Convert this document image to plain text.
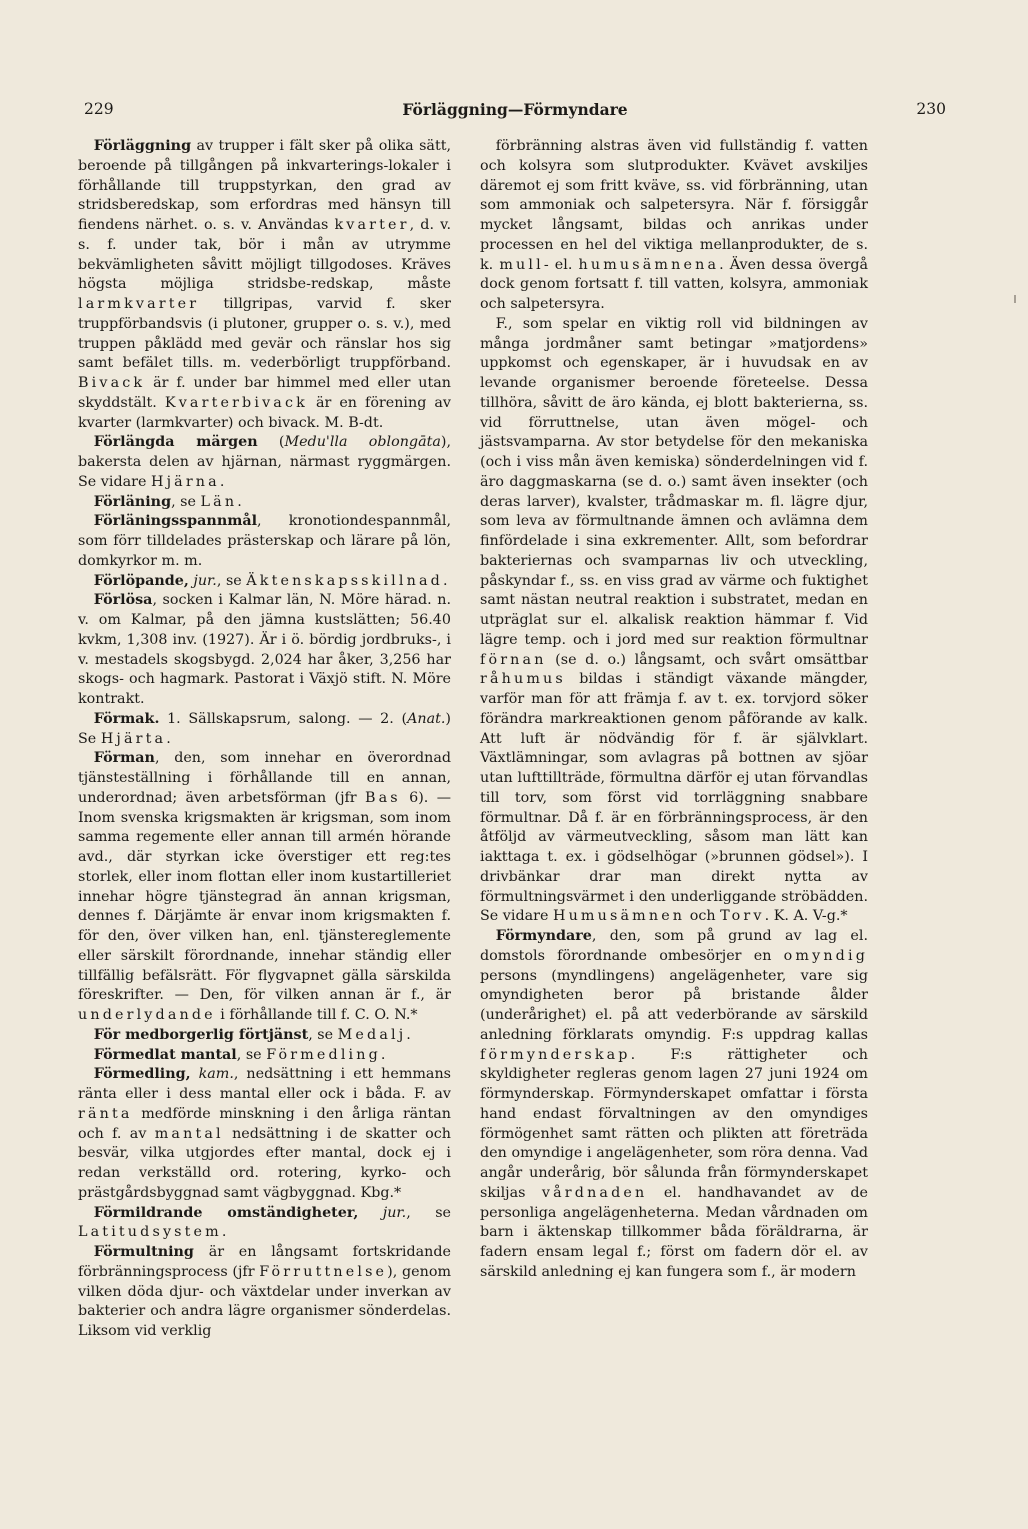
229	Förläggning—Förmyndare	230

Förläggning av trupper i fält sker på olika sätt, beroende på tillgången på inkvarterings-lokaler i förhållande till truppstyrkan, den grad av stridsberedskap, som erfordras med hänsyn till fiendens närhet. o. s. v. Användas kvarter, d. v. s. f. under tak, bör i mån av utrymme bekvämligheten såvitt möjligt tillgodoses. Kräves högsta möjliga stridsbe-redskap, måste larmkvarter tillgripas, varvid f. sker truppförbandsvis (i plutoner, grupper o. s. v.), med truppen påklädd med gevär och ränslar hos sig samt befälet tills. m. vederbörligt truppförband. Bivack är f. under bar himmel med eller utan skyddstält. Kvarterbivack är en förening av kvarter (larmkvarter) och bivack. M. B-dt.

Förlängda märgen (Medu'lla oblongāta), bakersta delen av hjärnan, närmast ryggmärgen. Se vidare Hjärna.

Förläning, se Län.

Förläningsspannmål, kronotiondespannmål, som förr tilldelades prästerskap och lärare på lön, domkyrkor m. m.

Förlöpande, jur., se Äktenskapsskillnad.

Förlösa, socken i Kalmar län, N. Möre härad. n. v. om Kalmar, på den jämna kustslätten; 56.40 kvkm, 1,308 inv. (1927). Är i ö. bördig jordbruks-, i v. mestadels skogsbygd. 2,024 har åker, 3,256 har skogs- och hagmark. Pastorat i Växjö stift. N. Möre kontrakt.

Förmak. 1. Sällskapsrum, salong. — 2. (Anat.) Se Hjärta.

Förman, den, som innehar en överordnad tjänsteställning i förhållande till en annan, underordnad; även arbetsförman (jfr Bas 6). — Inom svenska krigsmakten är krigsman, som inom samma regemente eller annan till armén hörande avd., där styrkan icke överstiger ett reg:tes storlek, eller inom flottan eller inom kustartilleriet innehar högre tjänstegrad än annan krigsman, dennes f. Därjämte är envar inom krigsmakten f. för den, över vilken han, enl. tjänstereglemente eller särskilt förordnande, innehar ständig eller tillfällig befälsrätt. För flygvapnet gälla särskilda föreskrifter. — Den, för vilken annan är f., är underlydande i förhållande till f. C. O. N.*

För medborgerlig förtjänst, se Medalj.

Förmedlat mantal, se Förmedling.

Förmedling, kam., nedsättning i ett hemmans ränta eller i dess mantal eller ock i båda. F. av ränta medförde minskning i den årliga räntan och f. av mantal nedsättning i de skatter och besvär, vilka utgjordes efter mantal, dock ej i redan verkställd ord. rotering, kyrko- och prästgårdsbyggnad samt vägbyggnad. Kbg.*

Förmildrande omständigheter, jur., se Latitudsystem.

Förmultning är en långsamt fortskridande förbränningsprocess (jfr Förruttnelse), genom vilken döda djur- och växtdelar under inverkan av bakterier och andra lägre organismer sönderdelas. Liksom vid verklig

förbränning alstras även vid fullständig f. vatten och kolsyra som slutprodukter. Kvävet avskiljes däremot ej som fritt kväve, ss. vid förbränning, utan som ammoniak och salpetersyra. När f. försiggår mycket långsamt, bildas och anrikas under processen en hel del viktiga mellanprodukter, de s. k. mull- el. humusämnena. Även dessa övergå dock genom fortsatt f. till vatten, kolsyra, ammoniak och salpetersyra.

F., som spelar en viktig roll vid bildningen av många jordmåner samt betingar »matjordens» uppkomst och egenskaper, är i huvudsak en av levande organismer beroende företeelse. Dessa tillhöra, såvitt de äro kända, ej blott bakterierna, ss. vid förruttnelse, utan även mögel- och jästsvamparna. Av stor betydelse för den mekaniska (och i viss mån även kemiska) sönderdelningen vid f. äro daggmaskarna (se d. o.) samt även insekter (och deras larver), kvalster, trådmaskar m. fl. lägre djur, som leva av förmultnande ämnen och avlämna dem finfördelade i sina exkrementer. Allt, som befordrar bakteriernas och svamparnas liv och utveckling, påskyndar f., ss. en viss grad av värme och fuktighet samt nästan neutral reaktion i substratet, medan en utpräglat sur el. alkalisk reaktion hämmar f. Vid lägre temp. och i jord med sur reaktion förmultnar förnan (se d. o.) långsamt, och svårt omsättbar råhumus bildas i ständigt växande mängder, varför man för att främja f. av t. ex. torvjord söker förändra markreaktionen genom påförande av kalk. Att luft är nödvändig för f. är självklart. Växtlämningar, som avlagras på bottnen av sjöar utan lufttillträde, förmultna därför ej utan förvandlas till torv, som först vid torrläggning snabbare förmultnar. Då f. är en förbränningsprocess, är den åtföljd av värmeutveckling, såsom man lätt kan iakttaga t. ex. i gödselhögar (»brunnen gödsel»). I drivbänkar drar man direkt nytta av förmultningsvärmet i den underliggande ströbädden. Se vidare Humusämnen och Torv. K. A. V-g.*

Förmyndare, den, som på grund av lag el. domstols förordnande ombesörjer en omyndig persons (myndlingens) angelägenheter, vare sig omyndigheten beror på bristande ålder (underårighet) el. på att vederbörande av särskild anledning förklarats omyndig. F:s uppdrag kallas förmynderskap. F:s rättigheter och skyldigheter regleras genom lagen 27 juni 1924 om förmynderskap. Förmynderskapet omfattar i första hand endast förvaltningen av den omyndiges förmögenhet samt rätten och plikten att företräda den omyndige i angelägenheter, som röra denna. Vad angår underårig, bör sålunda från förmynderskapet skiljas vårdnaden el. handhavandet av de personliga angelägenheterna. Medan vårdnaden om barn i äktenskap tillkommer båda föräldrarna, är fadern ensam legal f.; först om fadern dör el. av särskild anledning ej kan fungera som f., är modern
